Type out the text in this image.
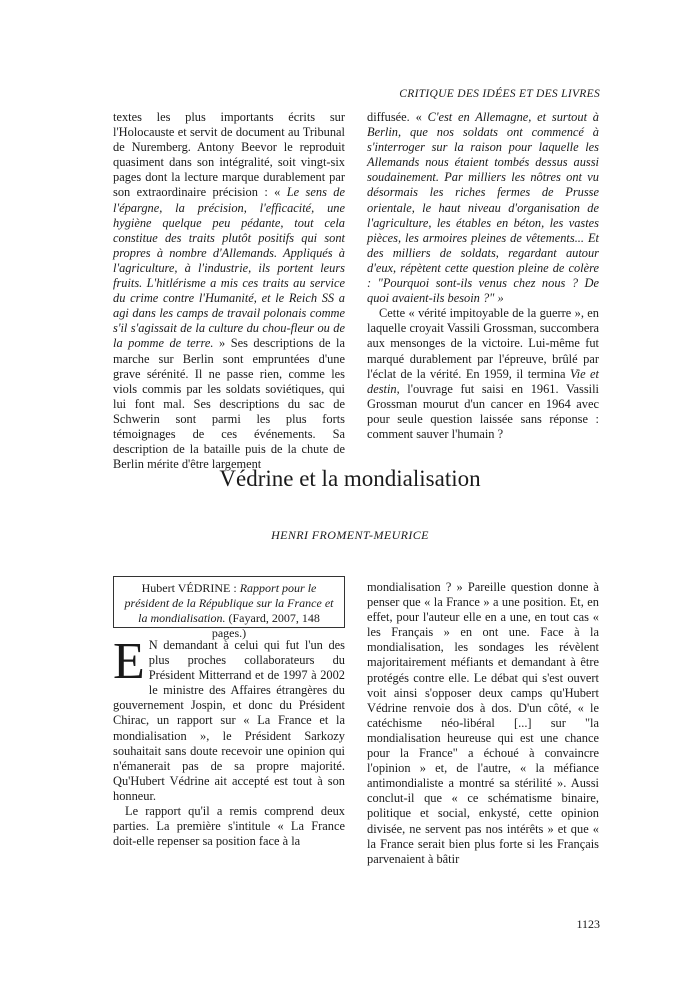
CRITIQUE DES IDÉES ET DES LIVRES

textes les plus importants écrits sur l'Holocauste et servit de document au Tribunal de Nuremberg. Antony Beevor le reproduit quasiment dans son intégralité, soit vingt-six pages dont la lecture marque durablement par son extraordinaire précision : « Le sens de l'épargne, la précision, l'efficacité, une hygiène quelque peu pédante, tout cela constitue des traits plutôt positifs qui sont propres à nombre d'Allemands. Appliqués à l'agriculture, à l'industrie, ils portent leurs fruits. L'hitlérisme a mis ces traits au service du crime contre l'Humanité, et le Reich SS a agi dans les camps de travail polonais comme s'il s'agissait de la culture du chou-fleur ou de la pomme de terre. » Ses descriptions de la marche sur Berlin sont empruntées d'une grave sérénité. Il ne passe rien, comme les viols commis par les soldats soviétiques, qui lui font mal. Ses descriptions du sac de Schwerin sont parmi les plus forts témoignages de ces événements. Sa description de la bataille puis de la chute de Berlin mérite d'être largement

diffusée. « C'est en Allemagne, et surtout à Berlin, que nos soldats ont commencé à s'interroger sur la raison pour laquelle les Allemands nous étaient tombés dessus aussi soudainement. Par milliers les nôtres ont vu désormais les riches fermes de Prusse orientale, le haut niveau d'organisation de l'agriculture, les étables en béton, les vastes pièces, les armoires pleines de vêtements... Et des milliers de soldats, regardant autour d'eux, répètent cette question pleine de colère : "Pourquoi sont-ils venus chez nous ? De quoi avaient-ils besoin ?" »

Cette « vérité impitoyable de la guerre », en laquelle croyait Vassili Grossman, succombera aux mensonges de la victoire. Lui-même fut marqué durablement par l'épreuve, brûlé par l'éclat de la vérité. En 1959, il termina Vie et destin, l'ouvrage fut saisi en 1961. Vassili Grossman mourut d'un cancer en 1964 avec pour seule question laissée sans réponse : comment sauver l'humain ?

Védrine et la mondialisation
HENRI FROMENT-MEURICE
Hubert VÉDRINE : Rapport pour le président de la République sur la France et la mondialisation. (Fayard, 2007, 148 pages.)

E N demandant à celui qui fut l'un des plus proches collaborateurs du Président Mitterrand et de 1997 à 2002 le ministre des Affaires étrangères du gouvernement Jospin, et donc du Président Chirac, un rapport sur « La France et la mondialisation », le Président Sarkozy souhaitait sans doute recevoir une opinion qui n'émanerait pas de sa propre majorité. Qu'Hubert Védrine ait accepté est tout à son honneur.

Le rapport qu'il a remis comprend deux parties. La première s'intitule « La France doit-elle repenser sa position face à la

mondialisation ? » Pareille question donne à penser que « la France » a une position. Et, en effet, pour l'auteur elle en a une, en tout cas « les Français » en ont une. Face à la mondialisation, les sondages les révèlent majoritairement méfiants et demandant à être protégés contre elle. Le débat qui s'est ouvert voit ainsi s'opposer deux camps qu'Hubert Védrine renvoie dos à dos. D'un côté, « le catéchisme néo-libéral [...] sur "la mondialisation heureuse qui est une chance pour la France" a échoué à convaincre l'opinion » et, de l'autre, « la méfiance antimondialiste a montré sa stérilité ». Aussi conclut-il que « ce schématisme binaire, politique et social, enkysté, cette opinion divisée, ne servent pas nos intérêts » et que « la France serait bien plus forte si les Français parvenaient à bâtir

1123
